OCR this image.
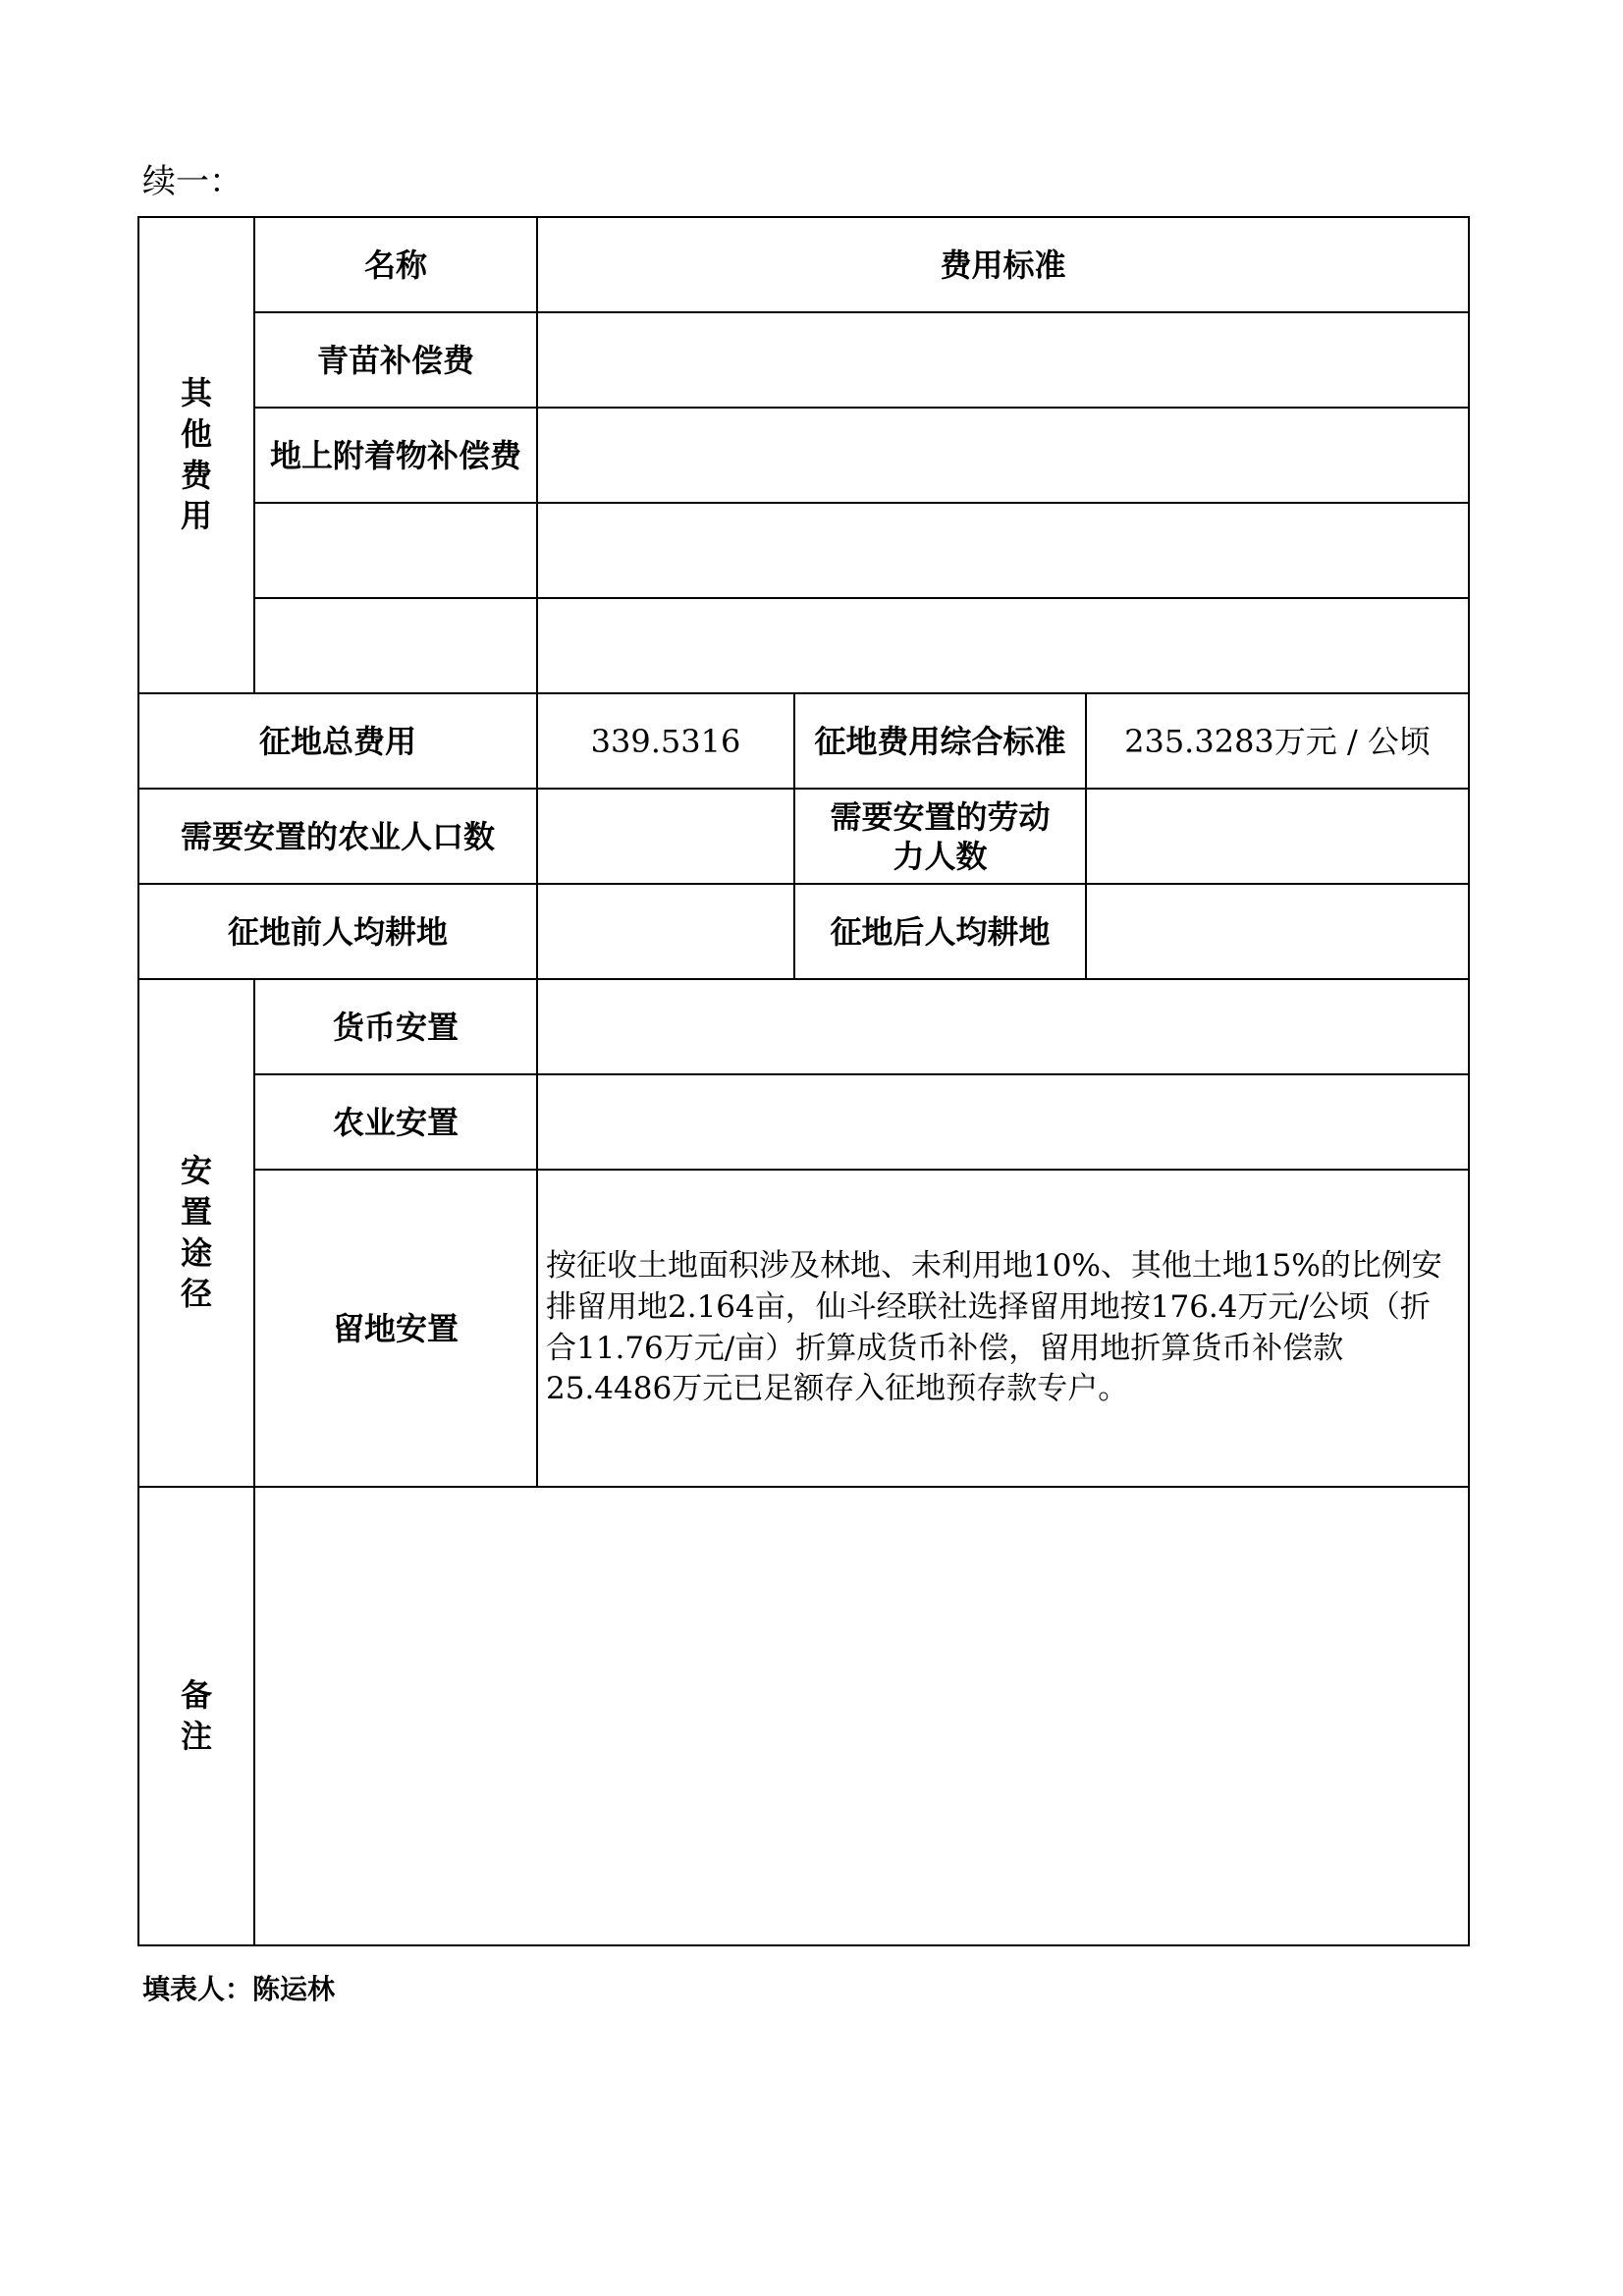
续一：
其他费用	名称	费用标准		
	青苗补偿费			
	地上附着物补偿费			

征地总费用		339.5316	征地费用综合标准	235.3283万元 / 公顷
需要安置的农业人口数			需要安置的劳动力人数	
征地前人均耕地			征地后人均耕地	
安置途径	货币安置			
	农业安置			
	留地安置	按征收土地面积涉及林地、未利用地10%、其他土地15%的比例安排留用地2.164亩，仙斗经联社选择留用地按176.4万元/公顷（折合11.76万元/亩）折算成货币补偿，留用地折算货币补偿款25.4486万元已足额存入征地预存款专户。		
备注				
填表人：陈运林
